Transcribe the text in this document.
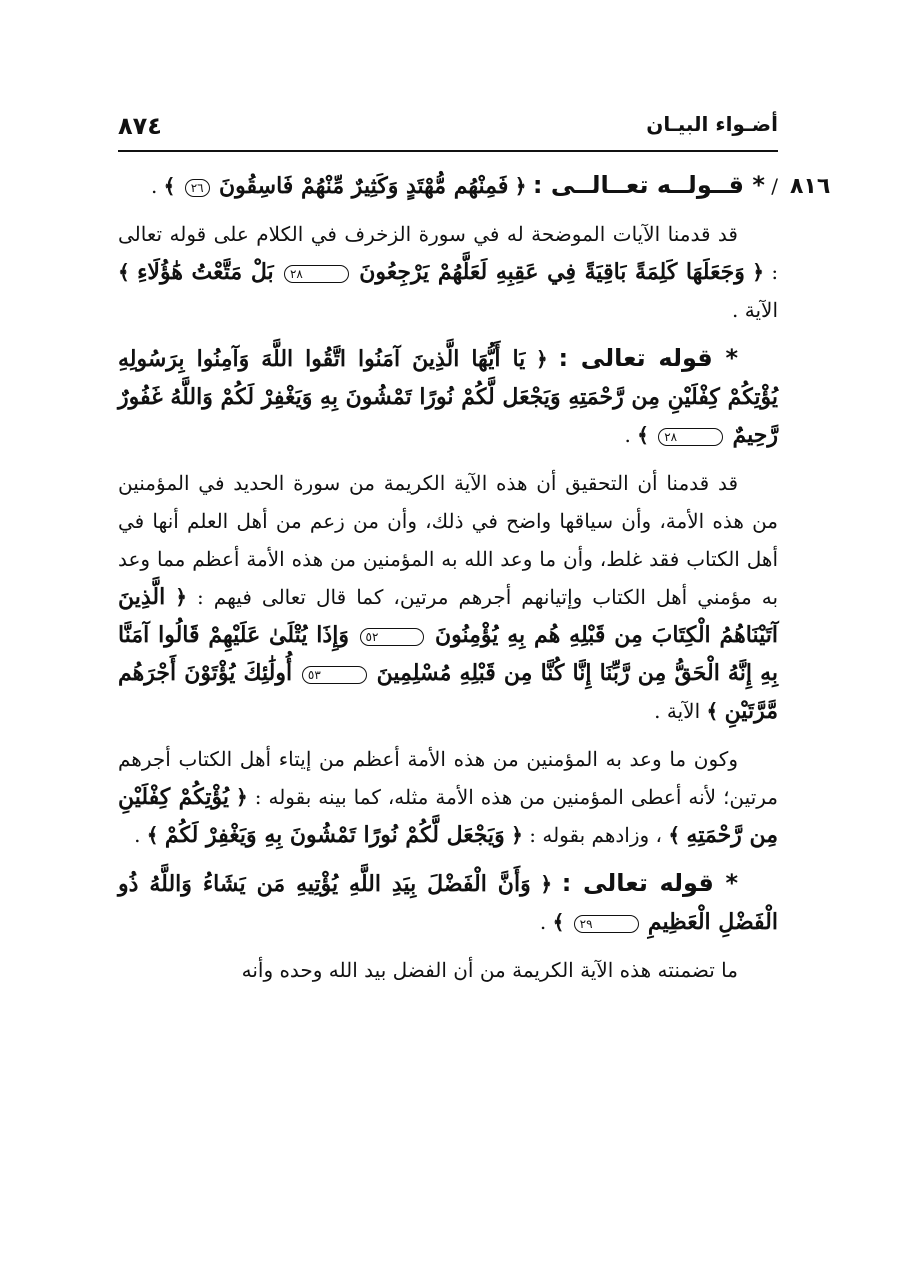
أضـواء البيـان
٨٧٤
٨١٦

/ * قــولــه تعــالــى : ﴿ فَمِنْهُم مُّهْتَدٍ وَكَثِيرٌ مِّنْهُمْ فَاسِقُونَ ٢٦ ﴾ .

قد قدمنا الآيات الموضحة له في سورة الزخرف في الكلام على قوله تعالى : ﴿ وَجَعَلَهَا كَلِمَةً بَاقِيَةً فِي عَقِبِهِ لَعَلَّهُمْ يَرْجِعُونَ ٢٨ بَلْ مَتَّعْتُ هَٰؤُلَاءِ ﴾ الآية .

* قوله تعالى : ﴿ يَا أَيُّهَا الَّذِينَ آمَنُوا اتَّقُوا اللَّهَ وَآمِنُوا بِرَسُولِهِ يُؤْتِكُمْ كِفْلَيْنِ مِن رَّحْمَتِهِ وَيَجْعَل لَّكُمْ نُورًا تَمْشُونَ بِهِ وَيَغْفِرْ لَكُمْ وَاللَّهُ غَفُورٌ رَّحِيمٌ ٢٨ ﴾ .

قد قدمنا أن التحقيق أن هذه الآية الكريمة من سورة الحديد في المؤمنين من هذه الأمة، وأن سياقها واضح في ذلك، وأن من زعم من أهل العلم أنها في أهل الكتاب فقد غلط، وأن ما وعد الله به المؤمنين من هذه الأمة أعظم مما وعد به مؤمني أهل الكتاب وإتيانهم أجرهم مرتين، كما قال تعالى فيهم : ﴿ الَّذِينَ آتَيْنَاهُمُ الْكِتَابَ مِن قَبْلِهِ هُم بِهِ يُؤْمِنُونَ ٥٢ وَإِذَا يُتْلَىٰ عَلَيْهِمْ قَالُوا آمَنَّا بِهِ إِنَّهُ الْحَقُّ مِن رَّبِّنَا إِنَّا كُنَّا مِن قَبْلِهِ مُسْلِمِينَ ٥٣ أُولَٰئِكَ يُؤْتَوْنَ أَجْرَهُم مَّرَّتَيْنِ ﴾ الآية .

وكون ما وعد به المؤمنين من هذه الأمة أعظم من إيتاء أهل الكتاب أجرهم مرتين؛ لأنه أعطى المؤمنين من هذه الأمة مثله، كما بينه بقوله : ﴿ يُؤْتِكُمْ كِفْلَيْنِ مِن رَّحْمَتِهِ ﴾ ، وزادهم بقوله : ﴿ وَيَجْعَل لَّكُمْ نُورًا تَمْشُونَ بِهِ وَيَغْفِرْ لَكُمْ ﴾ .

* قوله تعالى : ﴿ وَأَنَّ الْفَضْلَ بِيَدِ اللَّهِ يُؤْتِيهِ مَن يَشَاءُ وَاللَّهُ ذُو الْفَضْلِ الْعَظِيمِ ٢٩ ﴾ .

ما تضمنته هذه الآية الكريمة من أن الفضل بيد الله وحده وأنه
